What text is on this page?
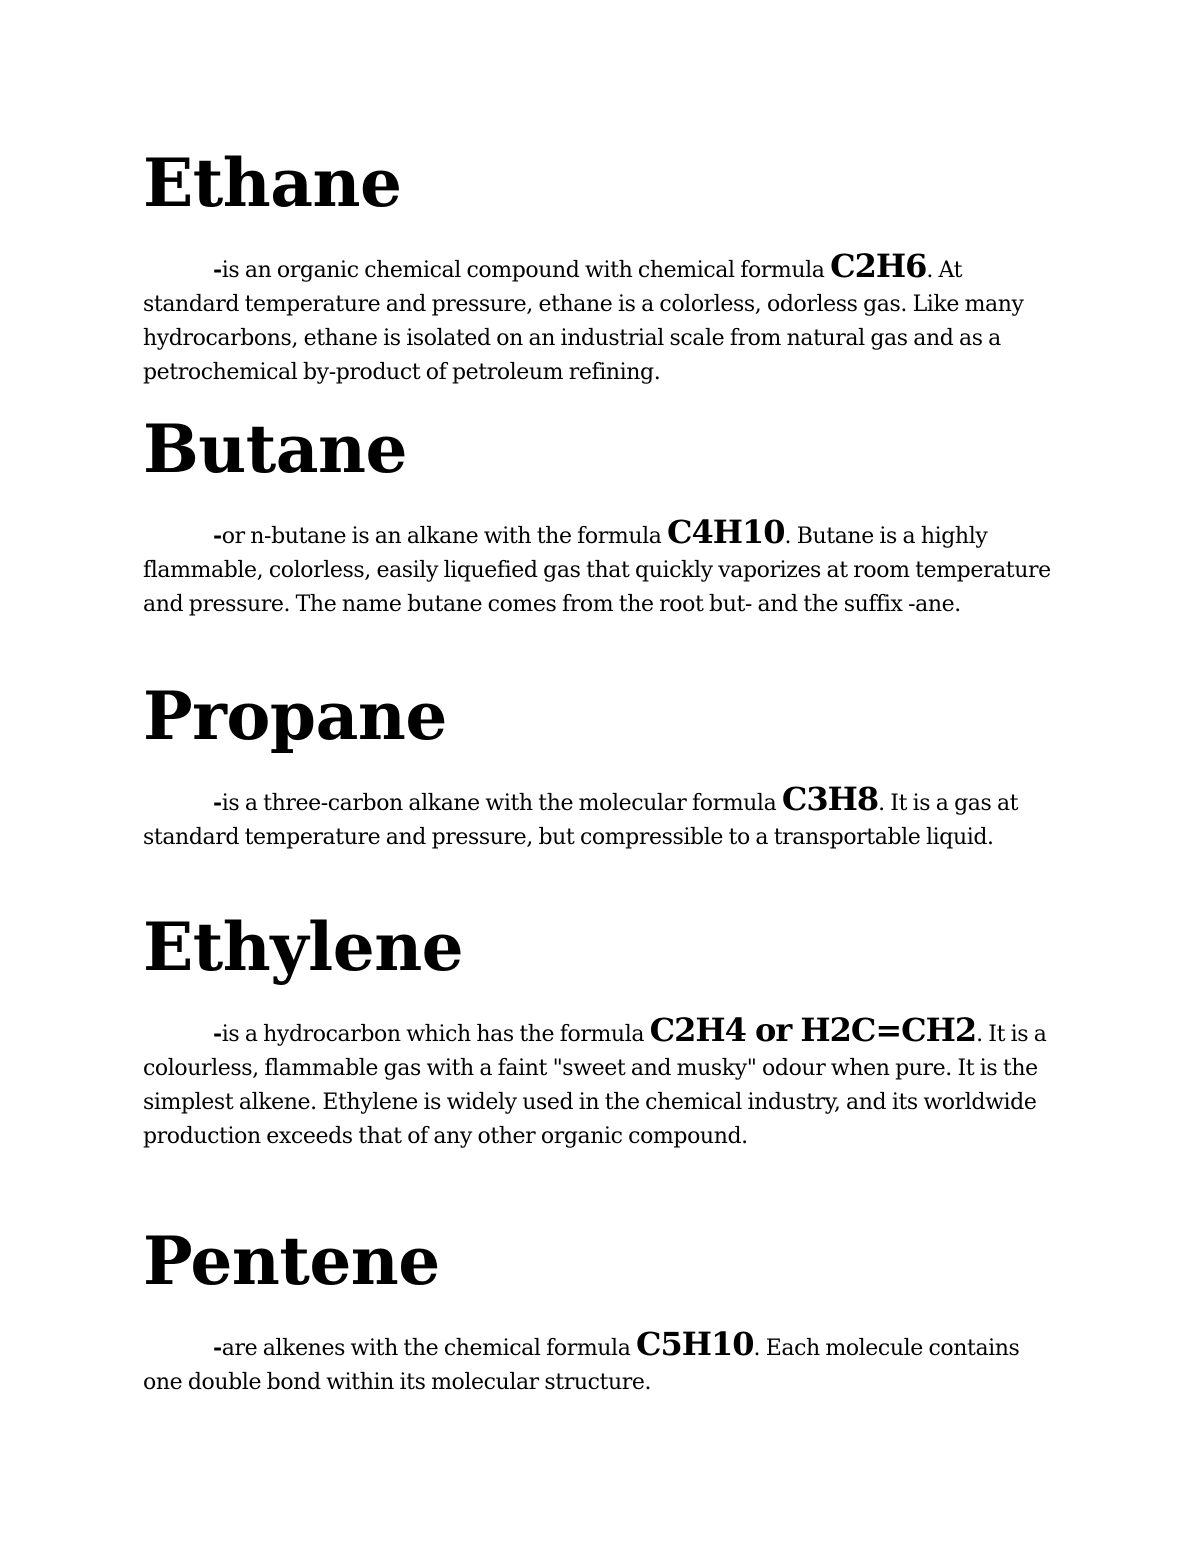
Ethane

-is an organic chemical compound with chemical formula C2H6. At standard temperature and pressure, ethane is a colorless, odorless gas. Like many hydrocarbons, ethane is isolated on an industrial scale from natural gas and as a petrochemical by-product of petroleum refining.

Butane

-or n-butane is an alkane with the formula C4H10. Butane is a highly flammable, colorless, easily liquefied gas that quickly vaporizes at room temperature and pressure. The name butane comes from the root but- and the suffix -ane.

Propane

-is a three-carbon alkane with the molecular formula C3H8. It is a gas at standard temperature and pressure, but compressible to a transportable liquid.

Ethylene

-is a hydrocarbon which has the formula C2H4 or H2C=CH2. It is a colourless, flammable gas with a faint "sweet and musky" odour when pure. It is the simplest alkene. Ethylene is widely used in the chemical industry, and its worldwide production exceeds that of any other organic compound.

Pentene

-are alkenes with the chemical formula C5H10. Each molecule contains one double bond within its molecular structure.
